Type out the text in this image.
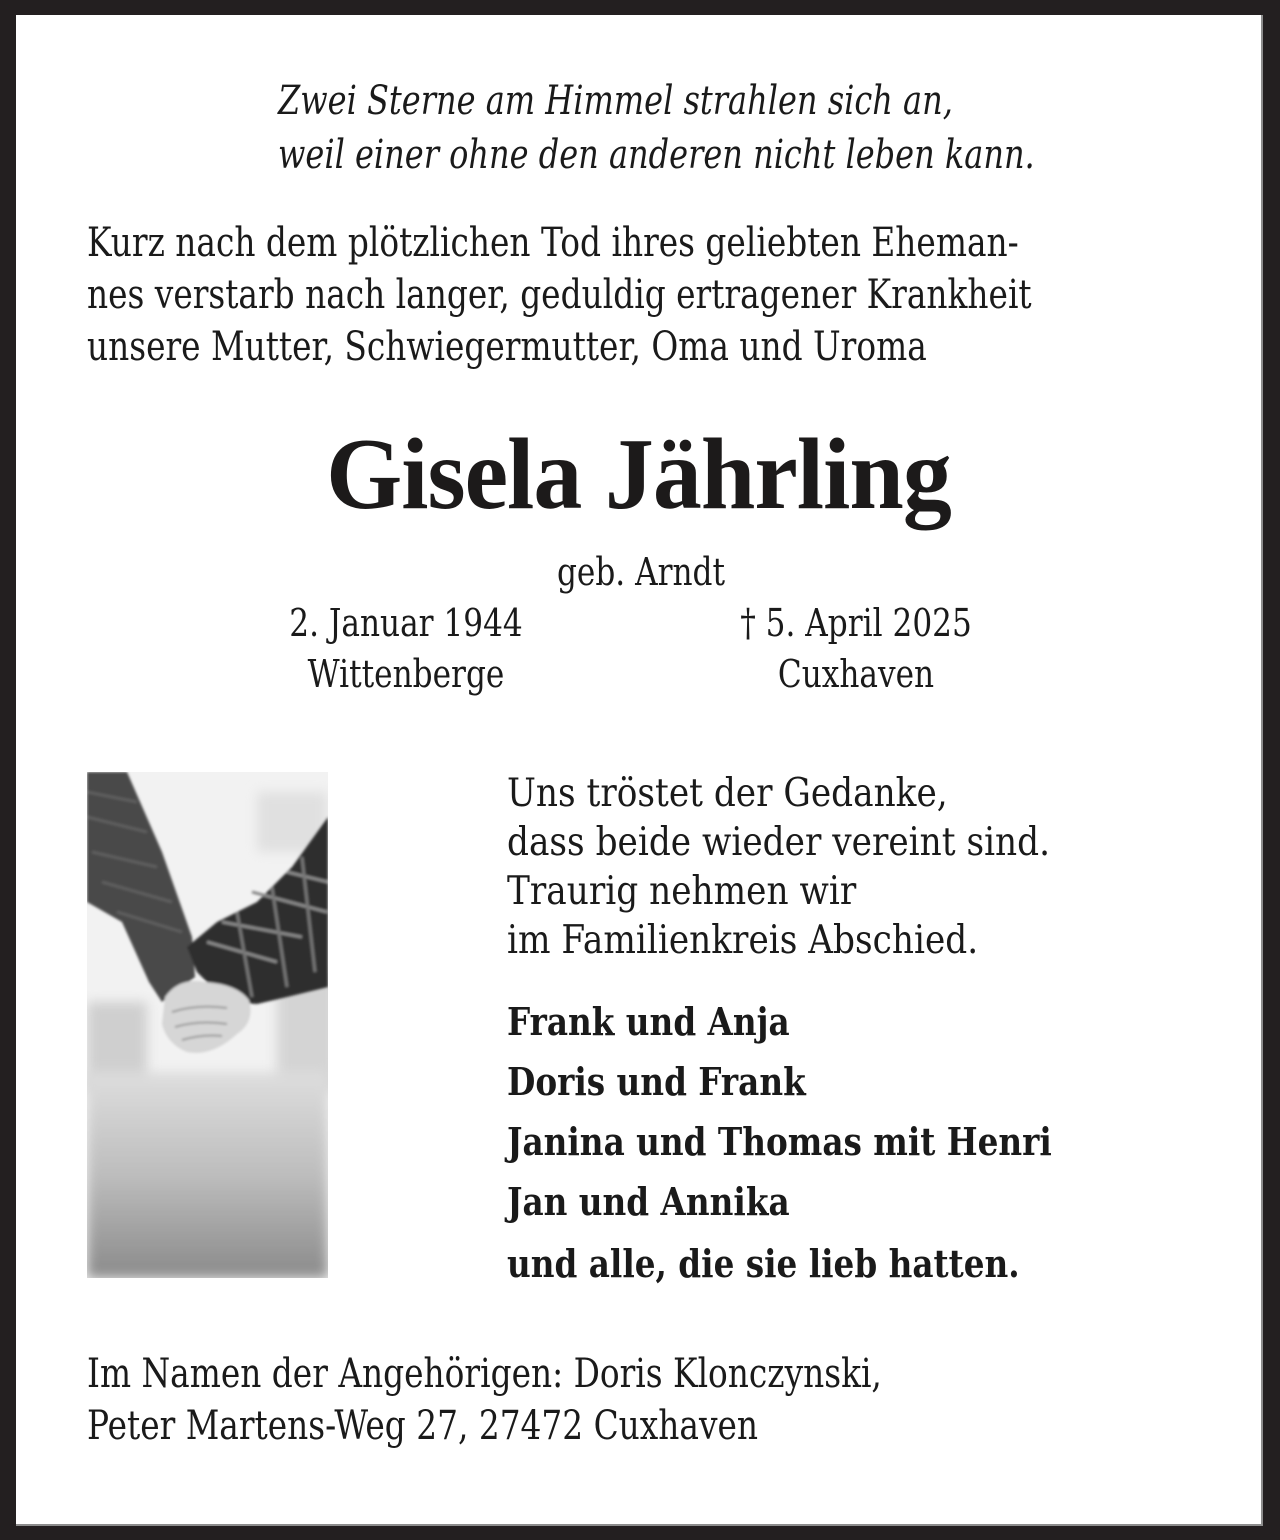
Zwei Sterne am Himmel strahlen sich an,
weil einer ohne den anderen nicht leben kann.
Kurz nach dem plötzlichen Tod ihres geliebten Eheman-
nes verstarb nach langer, geduldig ertragener Krankheit
unsere Mutter, Schwiegermutter, Oma und Uroma
Gisela Jährling
geb. Arndt
2. Januar 1944	† 5. April 2025
Wittenberge	Cuxhaven
Uns tröstet der Gedanke,
dass beide wieder vereint sind.
Traurig nehmen wir
im Familienkreis Abschied.
Frank und Anja
Doris und Frank
Janina und Thomas mit Henri
Jan und Annika
und alle, die sie lieb hatten.
Im Namen der Angehörigen: Doris Klonczynski,
Peter Martens-Weg 27, 27472 Cuxhaven
